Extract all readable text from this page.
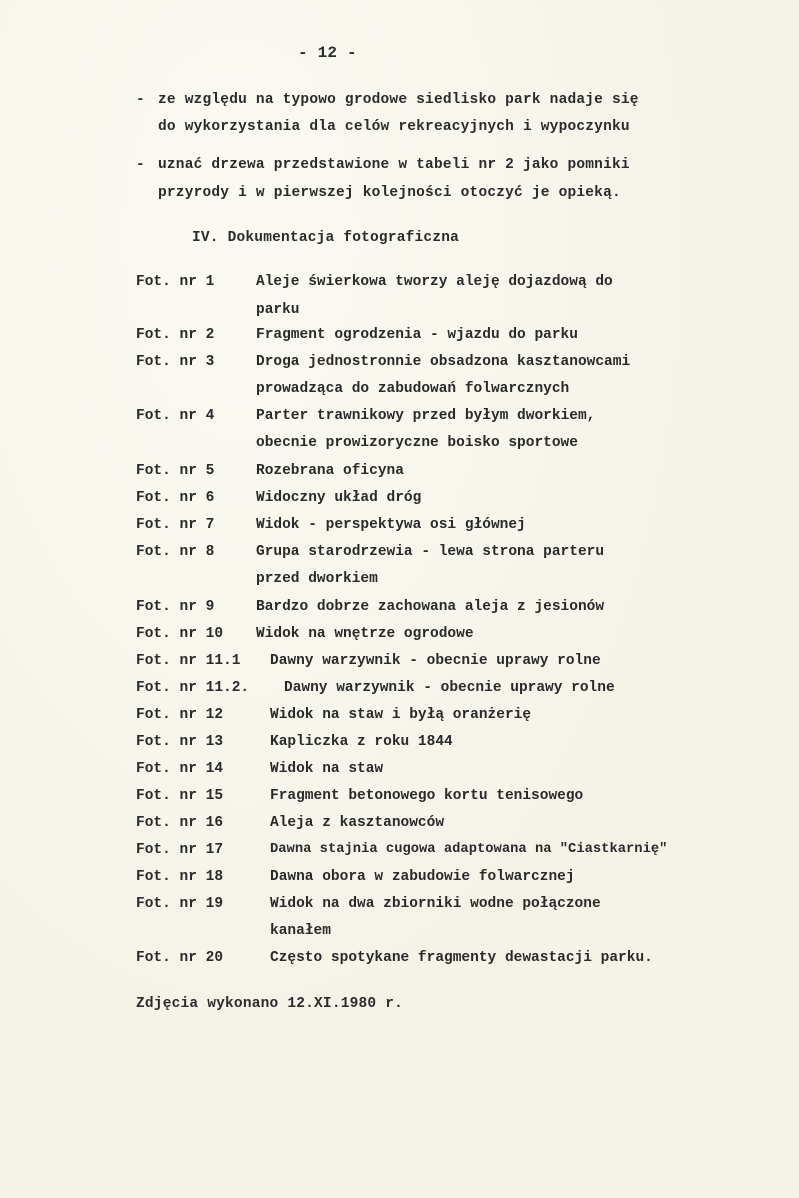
- 12 -
- ze względu na typowo grodowe siedlisko park nadaje się
do wykorzystania dla celów rekreacyjnych i wypoczynku
- uznać drzewa przedstawione w tabeli nr 2 jako pomniki
przyrody i w pierwszej kolejności otoczyć je opieką.
IV. Dokumentacja fotograficzna
Fot. nr 1	Aleje świerkowa tworzy aleję dojazdową do
parku
Fot. nr 2	Fragment ogrodzenia - wjazdu do parku
Fot. nr 3	Droga jednostronnie obsadzona kasztanowcami
prowadząca do zabudowań folwarcznych
Fot. nr 4	Parter trawnikowy przed byłym dworkiem,
obecnie prowizoryczne boisko sportowe
Fot. nr 5	Rozebrana oficyna
Fot. nr 6	Widoczny układ dróg
Fot. nr 7	Widok - perspektywa osi głównej
Fot. nr 8	Grupa starodrzewia - lewa strona parteru
przed dworkiem
Fot. nr 9	Bardzo dobrze zachowana aleja z jesionów
Fot. nr 10 Widok na wnętrze ogrodowe
Fot. nr 11.1 Dawny warzywnik - obecnie uprawy rolne
Fot. nr 11.2. Dawny warzywnik - obecnie uprawy rolne
Fot. nr 12	Widok na staw i byłą oranżerię
Fot. nr 13	Kapliczka z roku 1844
Fot. nr 14	Widok na staw
Fot. nr 15	Fragment betonowego kortu tenisowego
Fot. nr 16	Aleja z kasztanowców
Fot. nr 17	Dawna stajnia cugowa adaptowana na "Ciastkarnię"
Fot. nr 18	Dawna obora w zabudowie folwarcznej
Fot. nr 19	Widok na dwa zbiorniki wodne połączone
kanałem
Fot. nr 20	Często spotykane fragmenty dewastacji parku.
Zdjęcia wykonano 12.XI.1980 r.
